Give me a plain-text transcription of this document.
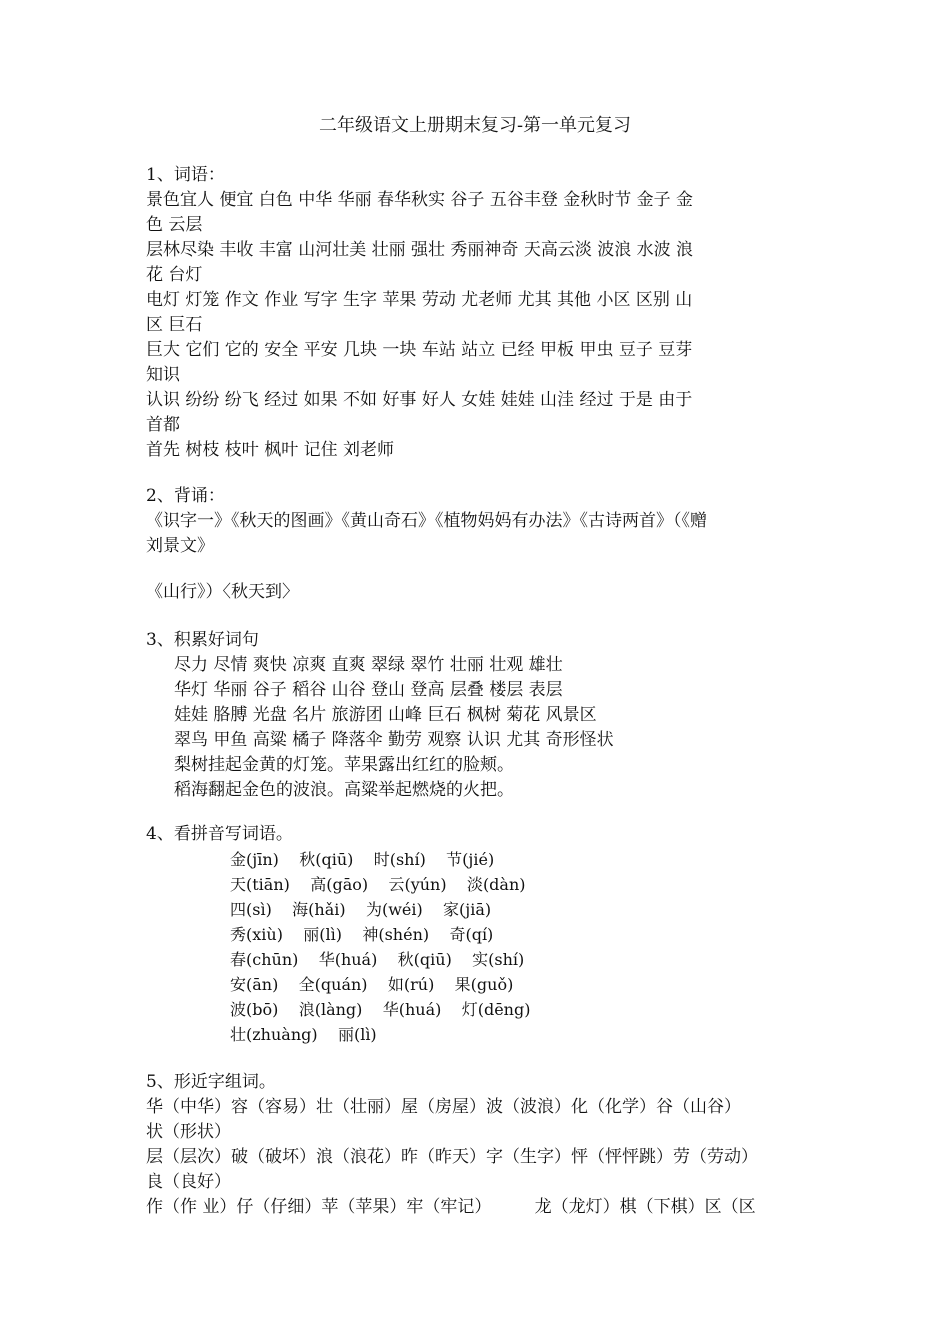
二年级语文上册期末复习-第一单元复习
1、词语：
景色宜人 便宜 白色 中华 华丽 春华秋实 谷子 五谷丰登 金秋时节 金子 金
色 云层
层林尽染 丰收 丰富 山河壮美 壮丽 强壮 秀丽神奇 天高云淡 波浪 水波 浪
花 台灯
电灯 灯笼 作文 作业 写字 生字 苹果 劳动 尤老师 尤其 其他 小区 区别 山
区 巨石
巨大 它们 它的 安全 平安 几块 一块 车站 站立 已经 甲板 甲虫 豆子 豆芽
知识
认识 纷纷 纷飞 经过 如果 不如 好事 好人 女娃 娃娃 山洼 经过 于是 由于
首都
首先 树枝 枝叶 枫叶 记住 刘老师
2、背诵：
《识字一》《秋天的图画》《黄山奇石》《植物妈妈有办法》《古诗两首》（《赠
刘景文》
《山行》）〈秋天到〉
3、积累好词句
尽力 尽情 爽快 凉爽 直爽 翠绿 翠竹 壮丽 壮观 雄壮
华灯 华丽 谷子 稻谷 山谷 登山 登高 层叠 楼层 表层
娃娃 胳膊 光盘 名片 旅游团 山峰 巨石 枫树 菊花 风景区
翠鸟 甲鱼 高粱 橘子 降落伞 勤劳 观察 认识 尤其 奇形怪状
梨树挂起金黄的灯笼。苹果露出红红的脸颊。
稻海翻起金色的波浪。高粱举起燃烧的火把。
4、看拼音写词语。
金(jīn)    秋(qiū)    时(shí)    节(jié)
天(tiān)    高(gāo)    云(yún)    淡(dàn)
四(sì)    海(hǎi)    为(wéi)    家(jiā)
秀(xiù)    丽(lì)    神(shén)    奇(qí)
春(chūn)    华(huá)    秋(qiū)    实(shí)
安(ān)    全(quán)    如(rú)    果(guǒ)
波(bō)    浪(làng)    华(huá)    灯(dēng)
壮(zhuàng)    丽(lì)
5、形近字组词。
华（中华）容（容易）壮（壮丽）屋（房屋）波（波浪）化（化学）谷（山谷）
状（形状）
层（层次）破（破坏）浪（浪花）昨（昨天）字（生字）怦（怦怦跳）劳（劳动）
良（良好）
作（作 业）仔（仔细）苹（苹果）牢（牢记）        龙（龙灯）棋（下棋）区（区
